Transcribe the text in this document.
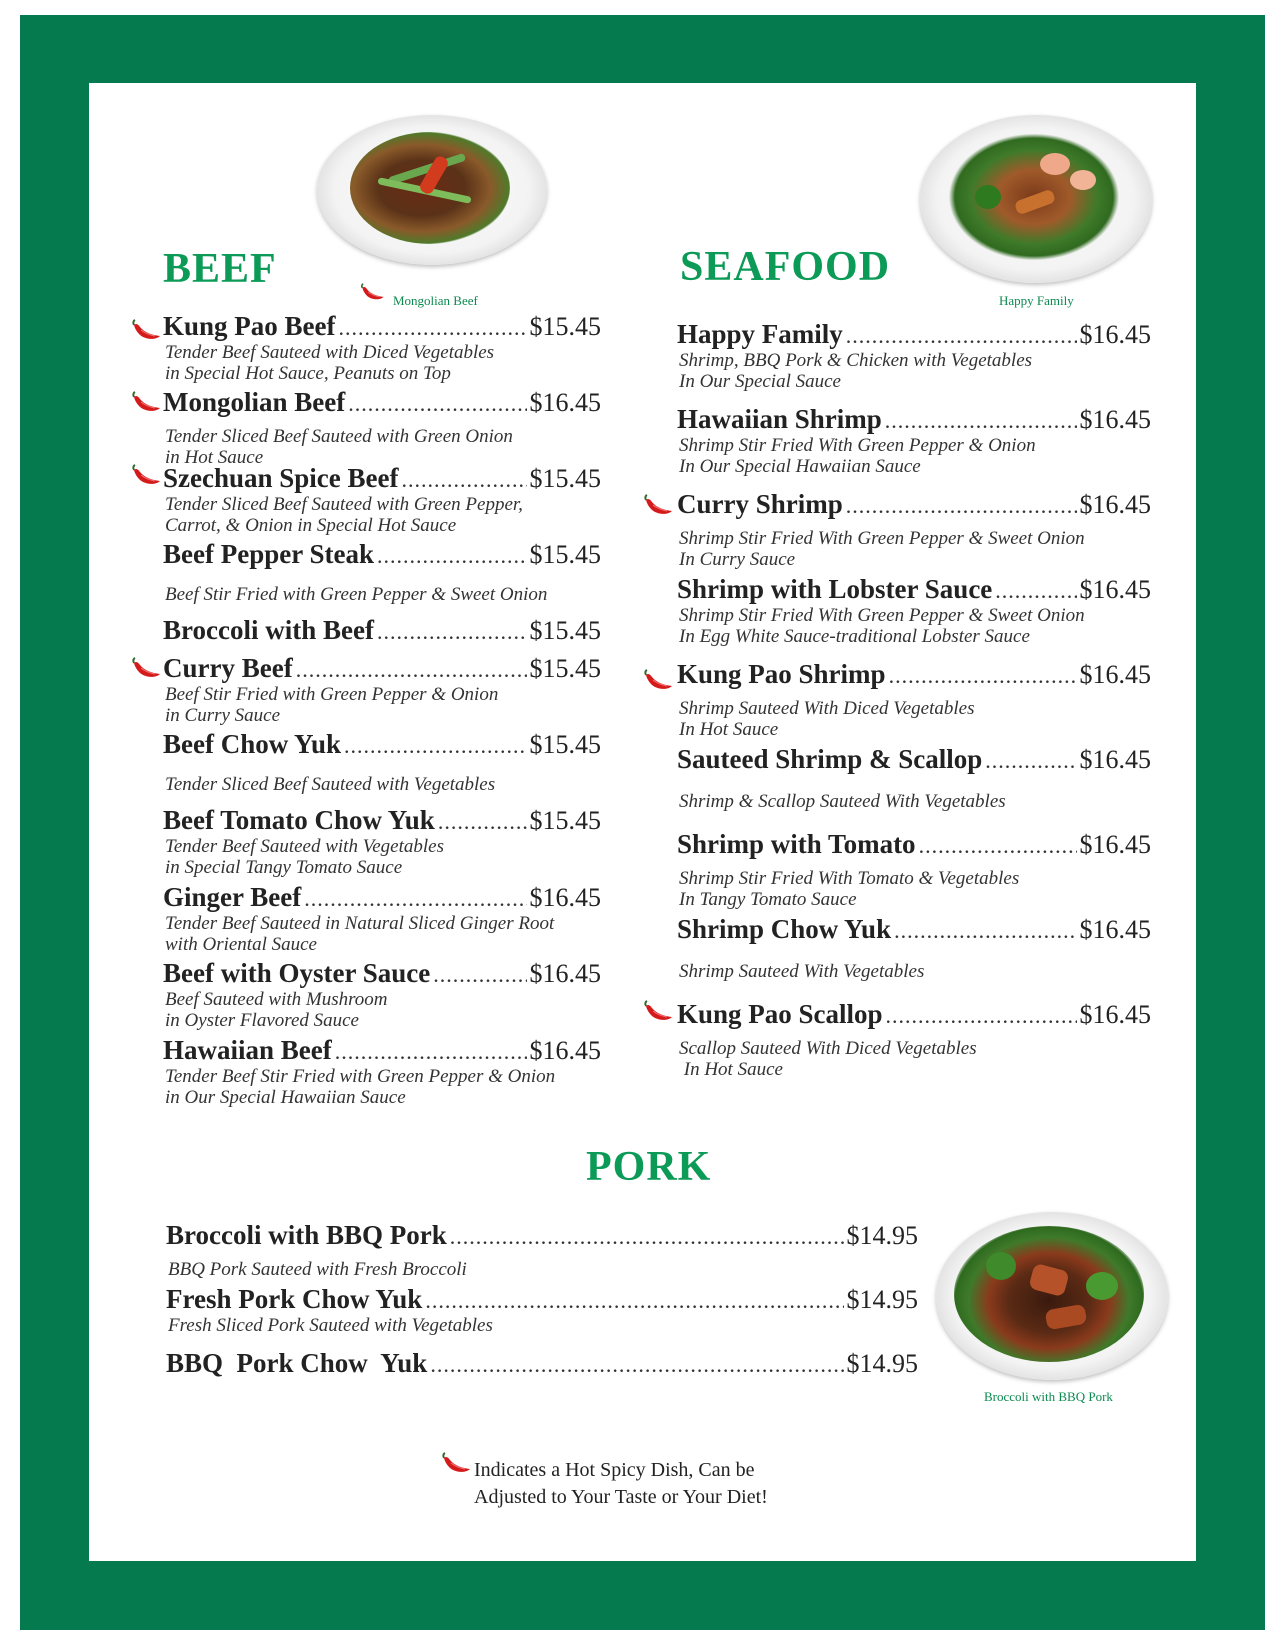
BEEF
Mongolian Beef
Kung Pao Beef .....	$15.45
Tender Beef Sauteed with Diced Vegetables
in Special Hot Sauce, Peanuts on Top
Mongolian Beef .....	$16.45
Tender Sliced Beef Sauteed with Green Onion
in Hot Sauce
Szechuan Spice Beef .....	$15.45
Tender Sliced Beef Sauteed with Green Pepper,
Carrot, & Onion in Special Hot Sauce
Beef Pepper Steak .....	$15.45
Beef Stir Fried with Green Pepper & Sweet Onion
Broccoli with Beef .....	$15.45
Curry Beef .....	$15.45
Beef Stir Fried with Green Pepper & Onion
in Curry Sauce
Beef Chow Yuk .....	$15.45
Tender Sliced Beef Sauteed with Vegetables
Beef Tomato Chow Yuk .....	$15.45
Tender Beef Sauteed with Vegetables
in Special Tangy Tomato Sauce
Ginger Beef .....	$16.45
Tender Beef Sauteed in Natural Sliced Ginger Root
with Oriental Sauce
Beef with Oyster Sauce .....	$16.45
Beef Sauteed with Mushroom
in Oyster Flavored Sauce
Hawaiian Beef .....	$16.45
Tender Beef Stir Fried with Green Pepper & Onion
in Our Special Hawaiian Sauce
SEAFOOD
Happy Family
Happy Family .....	$16.45
Shrimp, BBQ Pork & Chicken with Vegetables
In Our Special Sauce
Hawaiian Shrimp .....	$16.45
Shrimp Stir Fried With Green Pepper & Onion
In Our Special Hawaiian Sauce
Curry Shrimp .....	$16.45
Shrimp Stir Fried With Green Pepper & Sweet Onion
In Curry Sauce
Shrimp with Lobster Sauce .....	$16.45
Shrimp Stir Fried With Green Pepper & Sweet Onion
In Egg White Sauce-traditional Lobster Sauce
Kung Pao Shrimp .....	$16.45
Shrimp Sauteed With Diced Vegetables
In Hot Sauce
Sauteed Shrimp & Scallop .....	$16.45
Shrimp & Scallop Sauteed With Vegetables
Shrimp with Tomato .....	$16.45
Shrimp Stir Fried With Tomato & Vegetables
In Tangy Tomato Sauce
Shrimp Chow Yuk .....	$16.45
Shrimp Sauteed With Vegetables
Kung Pao Scallop .....	$16.45
Scallop Sauteed With Diced Vegetables
In Hot Sauce
PORK
Broccoli with BBQ Pork .....	$14.95
BBQ Pork Sauteed with Fresh Broccoli
Fresh Pork Chow Yuk .....	$14.95
Fresh Sliced Pork Sauteed with Vegetables
BBQ  Pork Chow  Yuk .....	$14.95
Broccoli with BBQ Pork
Indicates a Hot Spicy Dish, Can be
Adjusted to Your Taste or Your Diet!
